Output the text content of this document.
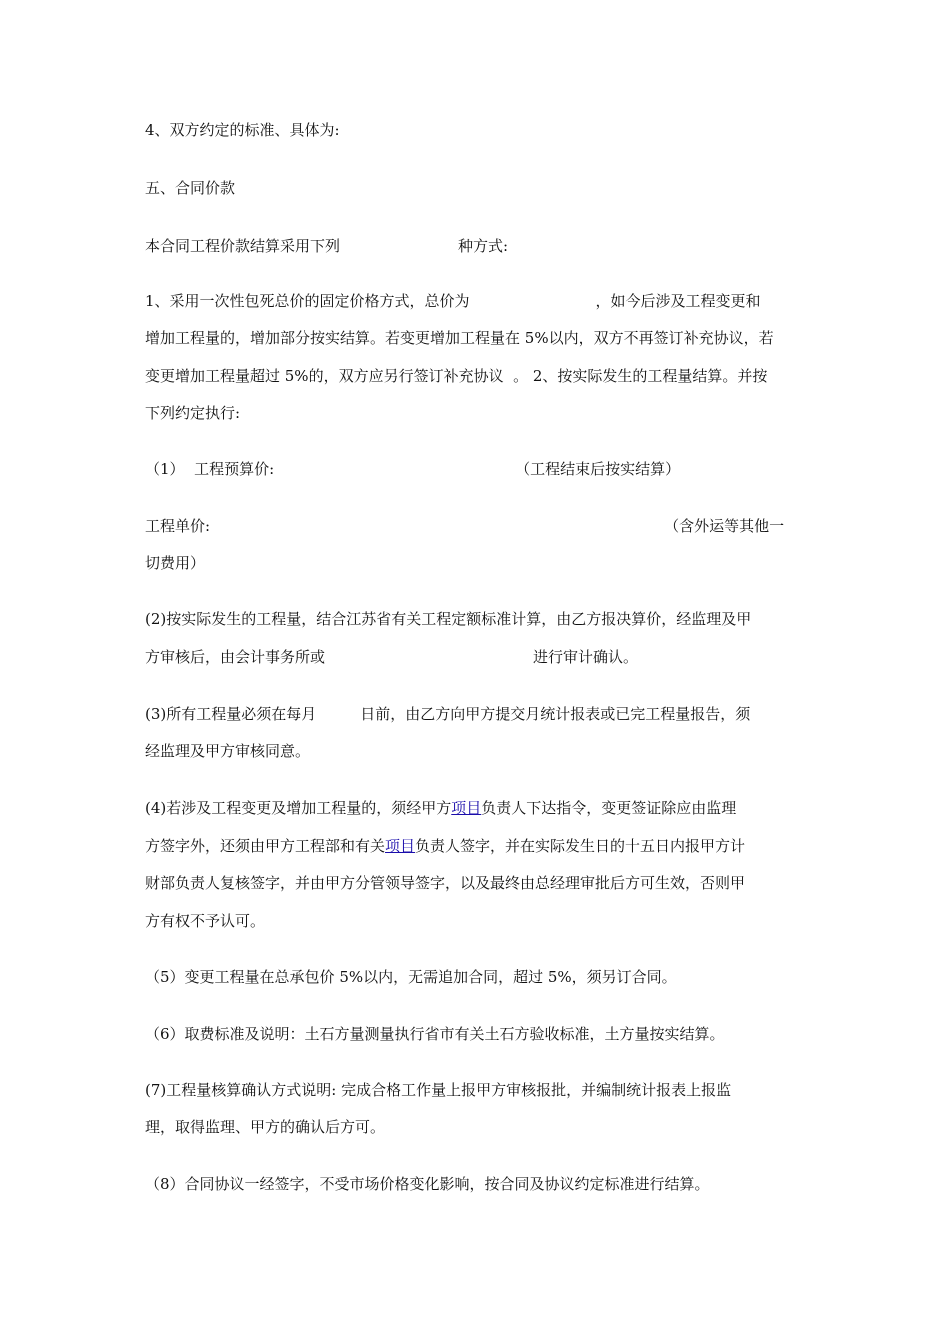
4、双方约定的标准、具体为:
五、合同价款
本合同工程价款结算采用下列	种方式:
1、采用一次性包死总价的固定价格方式，总价为	，如今后涉及工程变更和
增加工程量的，增加部分按实结算。若变更增加工程量在 5%以内，双方不再签订补充协议，若
变更增加工程量超过 5%的，双方应另行签订补充协议  。 2、按实际发生的工程量结算。并按
下列约定执行:
（1）  工程预算价:	（工程结束后按实结算）
工程单价:	（含外运等其他一
切费用）
(2)按实际发生的工程量，结合江苏省有关工程定额标准计算，由乙方报决算价，经监理及甲
方审核后，由会计事务所或	进行审计确认。
(3)所有工程量必须在每月	日前，由乙方向甲方提交月统计报表或已完工程量报告，须
经监理及甲方审核同意。
(4)若涉及工程变更及增加工程量的，须经甲方项目负责人下达指令，变更签证除应由监理
方签字外，还须由甲方工程部和有关项目负责人签字，并在实际发生日的十五日内报甲方计
财部负责人复核签字，并由甲方分管领导签字，以及最终由总经理审批后方可生效，否则甲
方有权不予认可。
（5）变更工程量在总承包价 5%以内，无需追加合同，超过 5%，须另订合同。
（6）取费标准及说明：土石方量测量执行省市有关土石方验收标准，土方量按实结算。
(7)工程量核算确认方式说明: 完成合格工作量上报甲方审核报批，并编制统计报表上报监
理，取得监理、甲方的确认后方可。
（8）合同协议一经签字，不受市场价格变化影响，按合同及协议约定标准进行结算。
